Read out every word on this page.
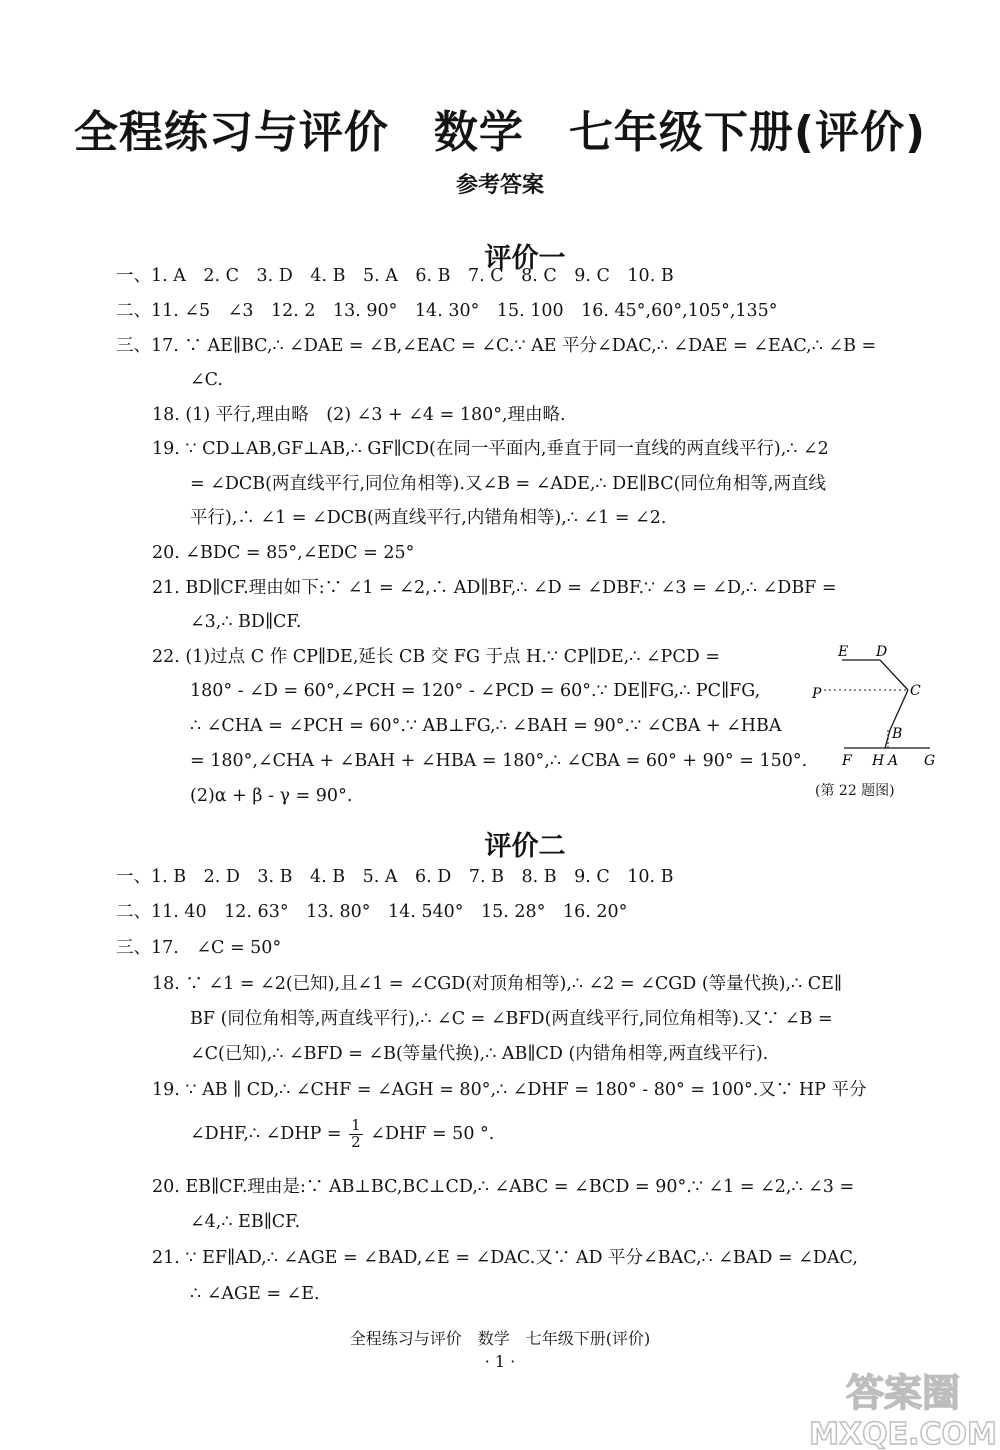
全程练习与评价　数学　七年级下册(评价)
参考答案
评价一
一、1. A　2. C　3. D　4. B　5. A　6. B　7. C　8. C　9. C　10. B
二、11. ∠5　∠3　12. 2　13. 90°　14. 30°　15. 100　16. 45°,60°,105°,135°
三、17. ∵ AE∥BC,∴ ∠DAE = ∠B,∠EAC = ∠C.∵ AE 平分∠DAC,∴ ∠DAE = ∠EAC,∴ ∠B =
∠C.
18. (1) 平行,理由略　(2) ∠3 + ∠4 = 180°,理由略.
19. ∵ CD⊥AB,GF⊥AB,∴ GF∥CD(在同一平面内,垂直于同一直线的两直线平行),∴ ∠2
= ∠DCB(两直线平行,同位角相等).又∠B = ∠ADE,∴ DE∥BC(同位角相等,两直线
平行),∴ ∠1 = ∠DCB(两直线平行,内错角相等),∴ ∠1 = ∠2.
20. ∠BDC = 85°,∠EDC = 25°
21. BD∥CF.理由如下:∵ ∠1 = ∠2,∴ AD∥BF,∴ ∠D = ∠DBF.∵ ∠3 = ∠D,∴ ∠DBF =
∠3,∴ BD∥CF.
22. (1)过点 C 作 CP∥DE,延长 CB 交 FG 于点 H.∵ CP∥DE,∴ ∠PCD =
180° - ∠D = 60°,∠PCH = 120° - ∠PCD = 60°.∵ DE∥FG,∴ PC∥FG,
∴ ∠CHA = ∠PCH = 60°.∵ AB⊥FG,∴ ∠BAH = 90°.∵ ∠CBA + ∠HBA
= 180°,∠CHA + ∠BAH + ∠HBA = 180°,∴ ∠CBA = 60° + 90° = 150°.
(2)α + β - γ = 90°.
E D
P	C
B
F H A G
(第 22 题图)
评价二
一、1. B　2. D　3. B　4. B　5. A　6. D　7. B　8. B　9. C　10. B
二、11. 40　12. 63°　13. 80°　14. 540°　15. 28°　16. 20°
三、17.　∠C = 50°
18. ∵ ∠1 = ∠2(已知),且∠1 = ∠CGD(对顶角相等),∴ ∠2 = ∠CGD (等量代换),∴ CE∥
BF (同位角相等,两直线平行),∴ ∠C = ∠BFD(两直线平行,同位角相等).又∵ ∠B =
∠C(已知),∴ ∠BFD = ∠B(等量代换),∴ AB∥CD (内错角相等,两直线平行).
19. ∵ AB ∥ CD,∴ ∠CHF = ∠AGH = 80°,∴ ∠DHF = 180° - 80° = 100°.又∵ HP 平分
∠DHF,∴ ∠DHP = $\frac{1}{2}$ ∠DHF = 50 °.
20. EB∥CF.理由是:∵ AB⊥BC,BC⊥CD,∴ ∠ABC = ∠BCD = 90°.∵ ∠1 = ∠2,∴ ∠3 =
∠4,∴ EB∥CF.
21. ∵ EF∥AD,∴ ∠AGE = ∠BAD,∠E = ∠DAC.又∵ AD 平分∠BAC,∴ ∠BAD = ∠DAC,
∴ ∠AGE = ∠E.
全程练习与评价　数学　七年级下册(评价)
· 1 ·
答案圈
MXQE.COM
